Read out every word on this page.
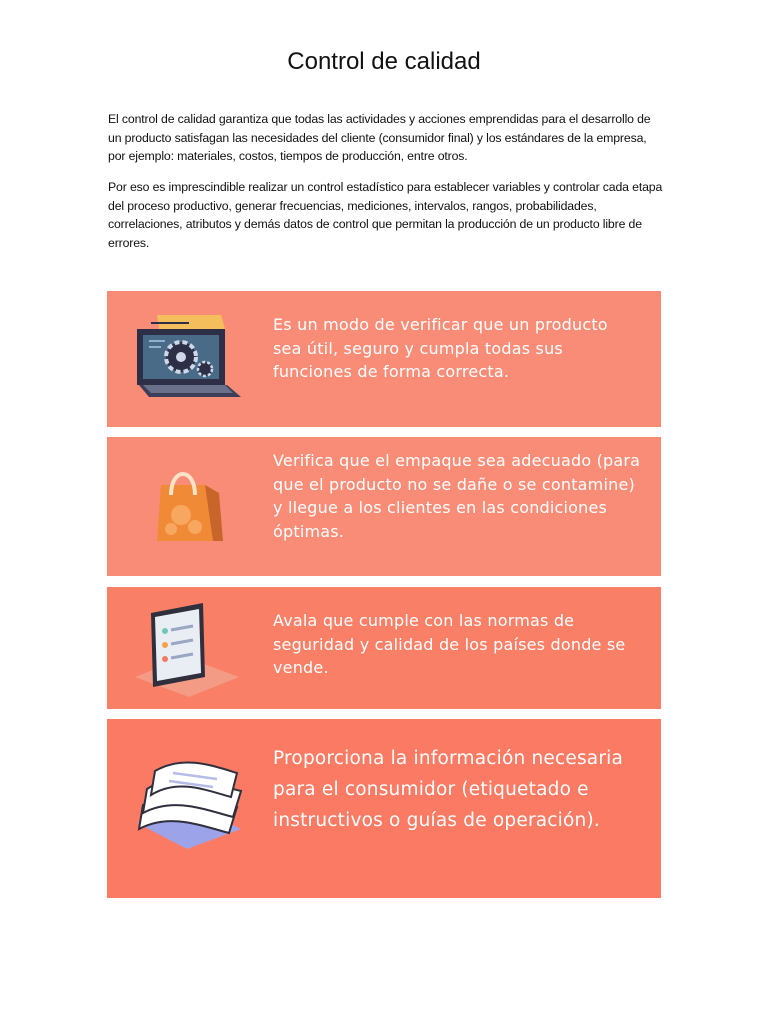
Control de calidad

El control de calidad garantiza que todas las actividades y acciones emprendidas para el desarrollo de un producto satisfagan las necesidades del cliente (consumidor final) y los estándares de la empresa, por ejemplo: materiales, costos, tiempos de producción, entre otros.

Por eso es imprescindible realizar un control estadístico para establecer variables y controlar cada etapa del proceso productivo, generar frecuencias, mediciones, intervalos, rangos, probabilidades, correlaciones, atributos y demás datos de control que permitan la producción de un producto libre de errores.

Es un modo de verificar que un producto sea útil, seguro y cumpla todas sus funciones de forma correcta.

Verifica que el empaque sea adecuado (para que el producto no se dañe o se contamine) y llegue a los clientes en las condiciones óptimas.

Avala que cumple con las normas de seguridad y calidad de los países donde se vende.

Proporciona la información necesaria para el consumidor (etiquetado e instructivos o guías de operación).
